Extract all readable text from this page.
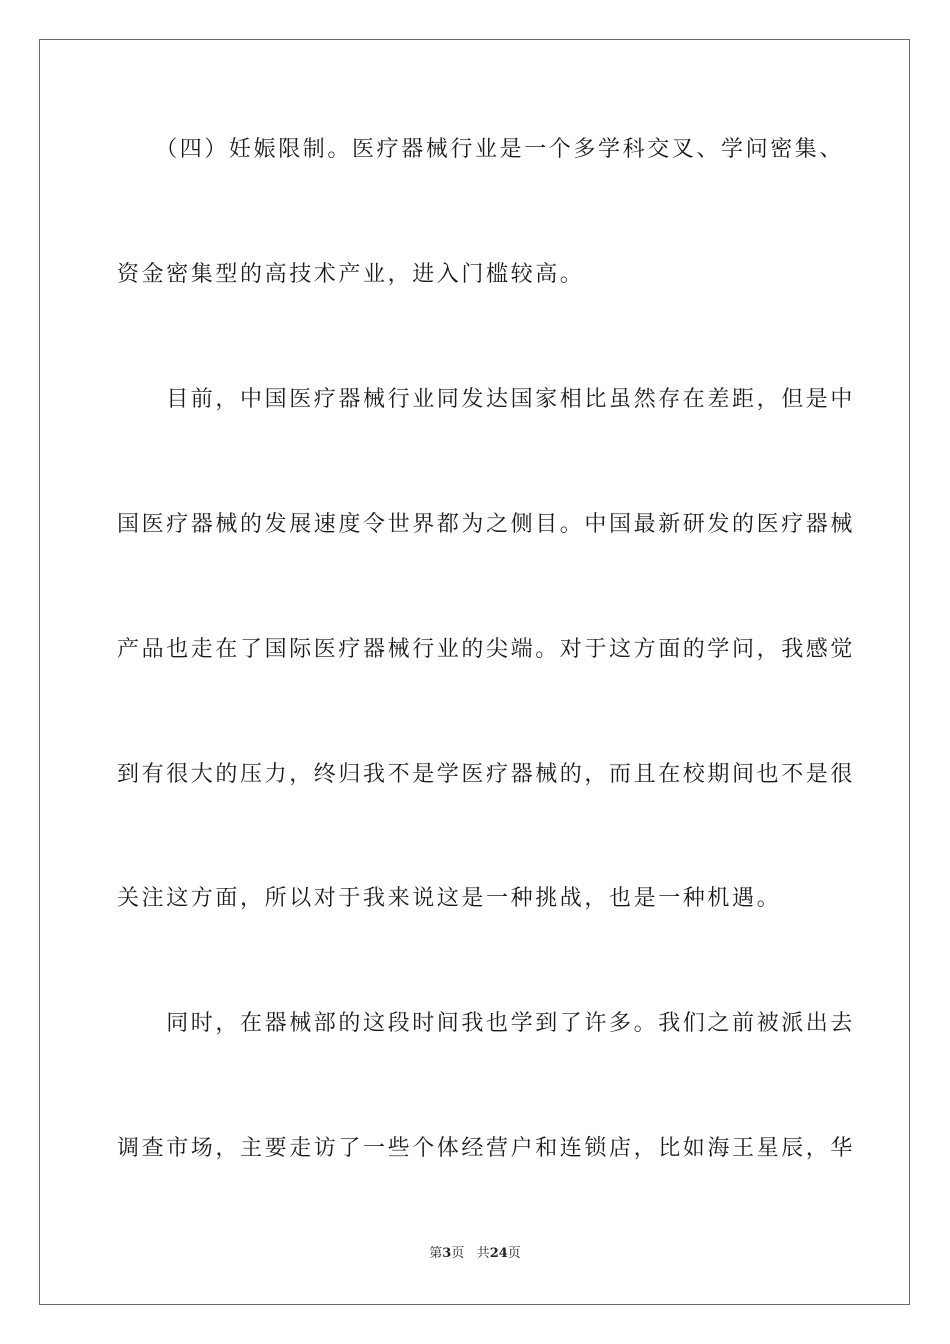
　　（四）妊娠限制。医疗器械行业是一个多学科交叉、学问密集、
资金密集型的高技术产业，进入门槛较高。
　　目前，中国医疗器械行业同发达国家相比虽然存在差距，但是中
国医疗器械的发展速度令世界都为之侧目。中国最新研发的医疗器械
产品也走在了国际医疗器械行业的尖端。对于这方面的学问，我感觉
到有很大的压力，终归我不是学医疗器械的，而且在校期间也不是很
关注这方面，所以对于我来说这是一种挑战，也是一种机遇。
　　同时，在器械部的这段时间我也学到了许多。我们之前被派出去
调查市场，主要走访了一些个体经营户和连锁店，比如海王星辰，华
第3页 共24页
